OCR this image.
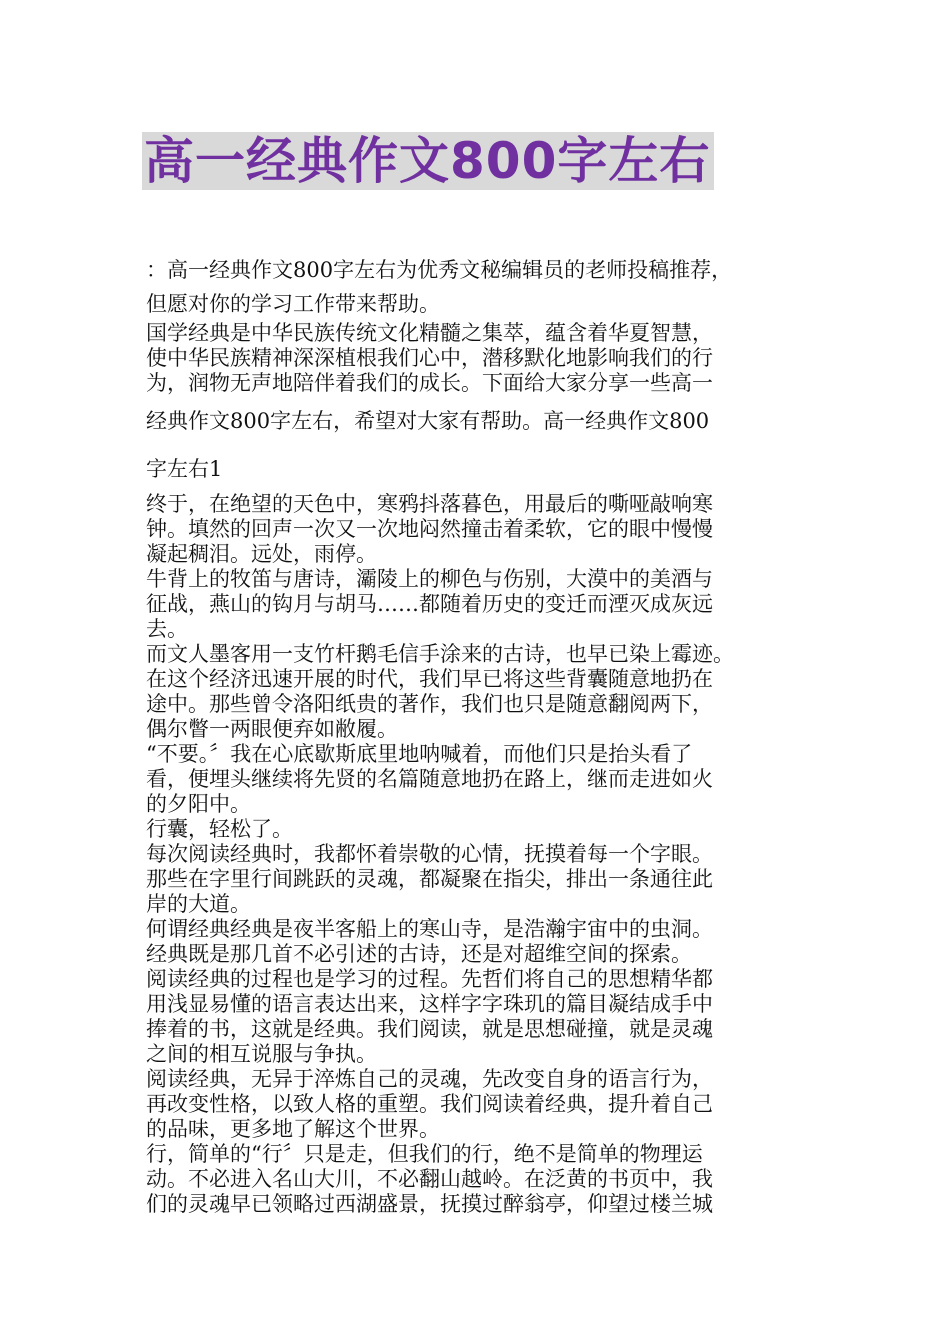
高一经典作文800字左右

：高一经典作文800字左右为优秀文秘编辑员的老师投稿推荐，

但愿对你的学习工作带来帮助。

国学经典是中华民族传统文化精髓之集萃，蕴含着华夏智慧，

使中华民族精神深深植根我们心中，潜移默化地影响我们的行

为，润物无声地陪伴着我们的成长。下面给大家分享一些高一

经典作文800字左右，希望对大家有帮助。高一经典作文800

字左右1

终于，在绝望的天色中，寒鸦抖落暮色，用最后的嘶哑敲响寒

钟。填然的回声一次又一次地闷然撞击着柔软，它的眼中慢慢

凝起稠泪。远处，雨停。

牛背上的牧笛与唐诗，灞陵上的柳色与伤别，大漠中的美酒与

征战，燕山的钩月与胡马……都随着历史的变迁而湮灭成灰远

去。

而文人墨客用一支竹杆鹅毛信手涂来的古诗，也早已染上霉迹。

在这个经济迅速开展的时代，我们早已将这些背囊随意地扔在

途中。那些曾令洛阳纸贵的著作，我们也只是随意翻阅两下，

偶尔瞥一两眼便弃如敝履。

“不要。〞我在心底歇斯底里地呐喊着，而他们只是抬头看了

看，便埋头继续将先贤的名篇随意地扔在路上，继而走进如火

的夕阳中。

行囊，轻松了。

每次阅读经典时，我都怀着崇敬的心情，抚摸着每一个字眼。

那些在字里行间跳跃的灵魂，都凝聚在指尖，排出一条通往此

岸的大道。

何谓经典经典是夜半客船上的寒山寺，是浩瀚宇宙中的虫洞。

经典既是那几首不必引述的古诗，还是对超维空间的探索。

阅读经典的过程也是学习的过程。先哲们将自己的思想精华都

用浅显易懂的语言表达出来，这样字字珠玑的篇目凝结成手中

捧着的书，这就是经典。我们阅读，就是思想碰撞，就是灵魂

之间的相互说服与争执。

阅读经典，无异于淬炼自己的灵魂，先改变自身的语言行为，

再改变性格，以致人格的重塑。我们阅读着经典，提升着自己

的品味，更多地了解这个世界。

行，简单的“行〞只是走，但我们的行，绝不是简单的物理运

动。不必进入名山大川，不必翻山越岭。在泛黄的书页中，我

们的灵魂早已领略过西湖盛景，抚摸过醉翁亭，仰望过楼兰城
